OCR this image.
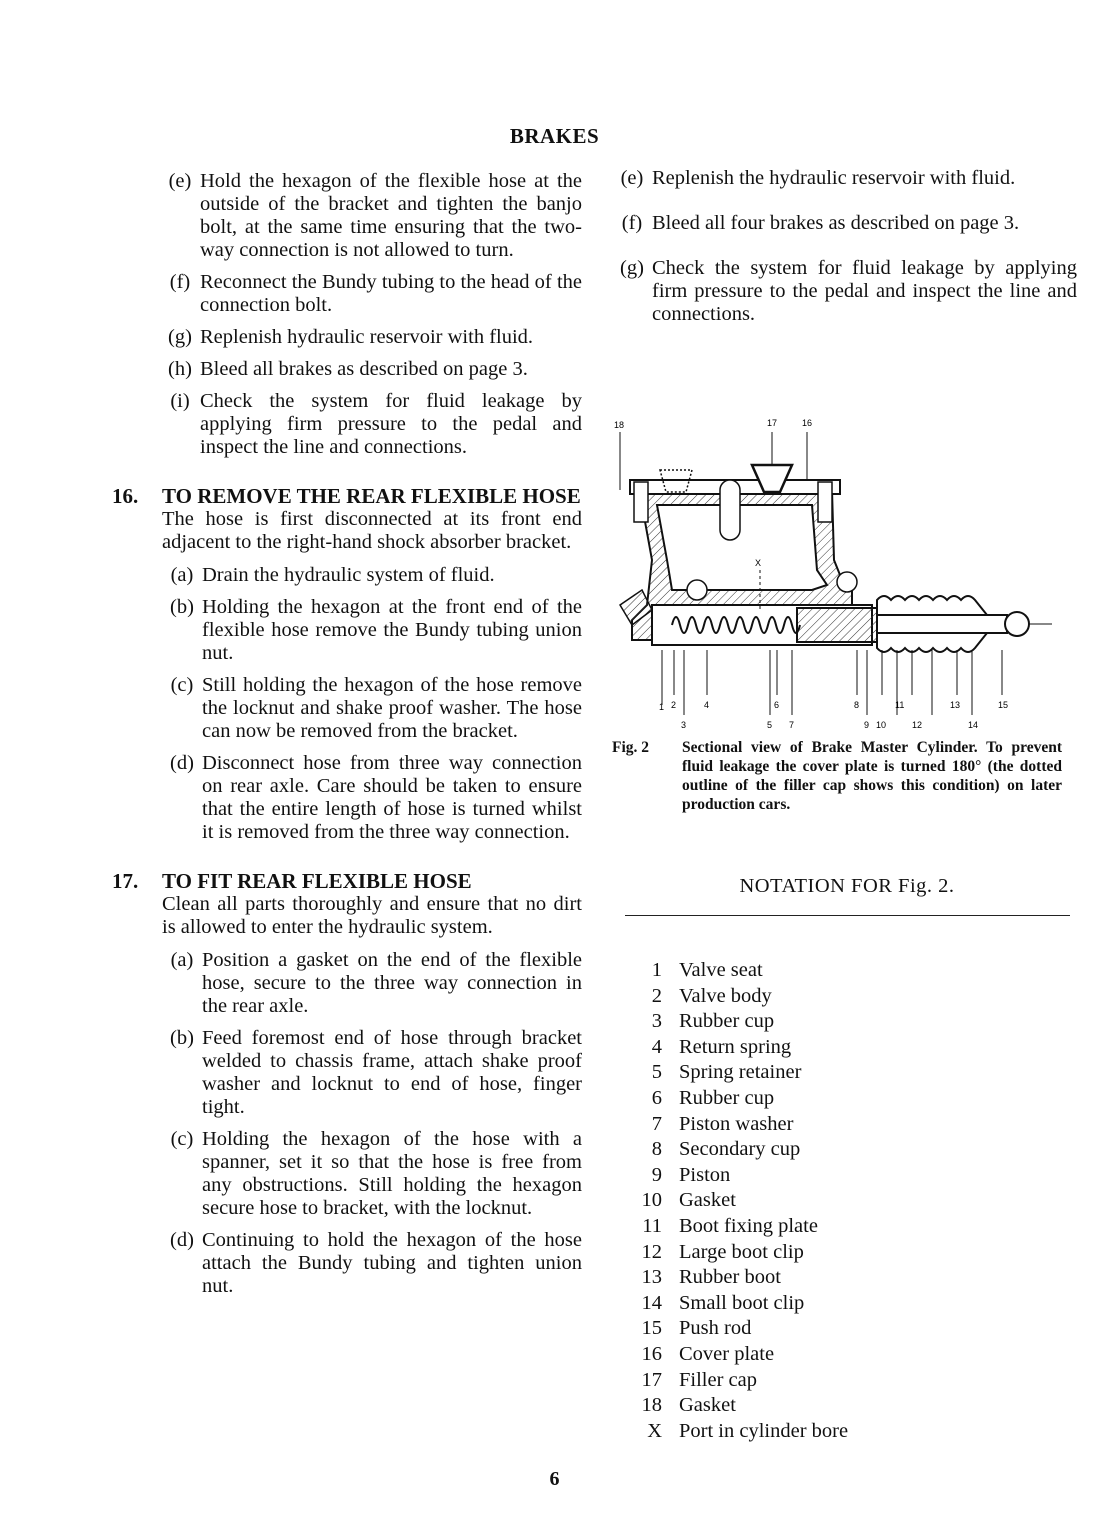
BRAKES
(e) Hold the hexagon of the flexible hose at the outside of the bracket and tighten the banjo bolt, at the same time ensuring that the two-way connection is not allowed to turn.
(f) Reconnect the Bundy tubing to the head of the connection bolt.
(g) Replenish hydraulic reservoir with fluid.
(h) Bleed all brakes as described on page 3.
(i) Check the system for fluid leakage by applying firm pressure to the pedal and inspect the line and connections.
16.	TO REMOVE THE REAR FLEXIBLE HOSE
The hose is first disconnected at its front end adjacent to the right-hand shock absorber bracket.
(a) Drain the hydraulic system of fluid.
(b) Holding the hexagon at the front end of the flexible hose remove the Bundy tubing union nut.
(c) Still holding the hexagon of the hose remove the locknut and shake proof washer. The hose can now be removed from the bracket.
(d) Disconnect hose from three way connection on rear axle. Care should be taken to ensure that the entire length of hose is turned whilst it is removed from the three way connection.
17.	TO FIT REAR FLEXIBLE HOSE
Clean all parts thoroughly and ensure that no dirt is allowed to enter the hydraulic system.
(a) Position a gasket on the end of the flexible hose, secure to the three way connection in the rear axle.
(b) Feed foremost end of hose through bracket welded to chassis frame, attach shake proof washer and locknut to end of hose, finger tight.
(c) Holding the hexagon of the hose with a spanner, set it so that the hose is free from any obstructions. Still holding the hexagon secure hose to bracket, with the locknut.
(d) Continuing to hold the hexagon of the hose attach the Bundy tubing and tighten union nut.
(e) Replenish the hydraulic reservoir with fluid.
(f) Bleed all four brakes as described on page 3.
(g) Check the system for fluid leakage by applying firm pressure to the pedal and inspect the line and connections.
18	17	16
X
1 2
3
4
5
6
7
8
9 10
11
12
13
14
15
Fig. 2	Sectional view of Brake Master Cylinder. To prevent fluid leakage the cover plate is turned 180° (the dotted outline of the filler cap shows this condition) on later production cars.
NOTATION FOR Fig. 2.
1 Valve seat
2 Valve body
3 Rubber cup
4 Return spring
5 Spring retainer
6 Rubber cup
7 Piston washer
8 Secondary cup
9 Piston
10 Gasket
11 Boot fixing plate
12 Large boot clip
13 Rubber boot
14 Small boot clip
15 Push rod
16 Cover plate
17 Filler cap
18 Gasket
X Port in cylinder bore
6
